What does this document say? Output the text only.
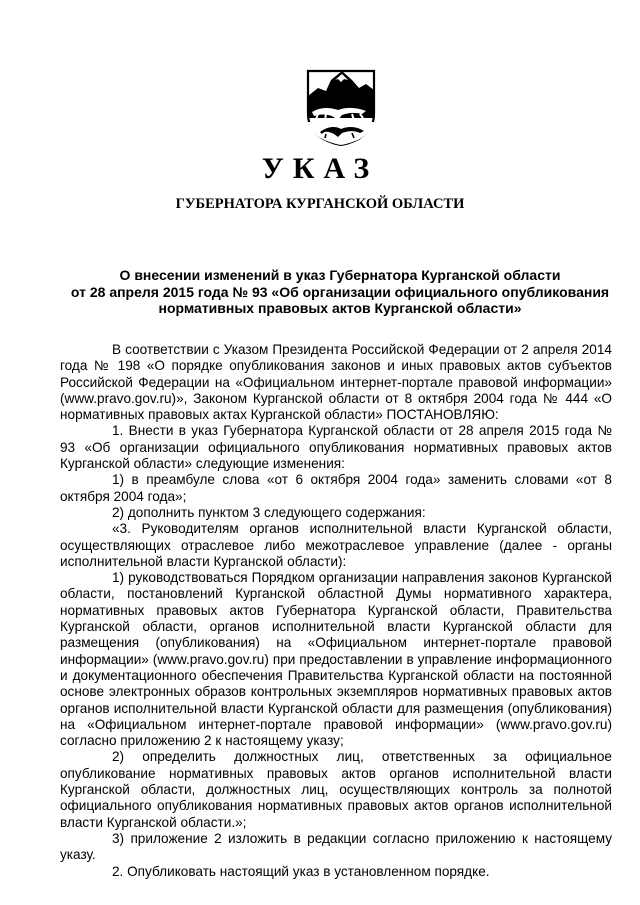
УКАЗ
ГУБЕРНАТОРА КУРГАНСКОЙ ОБЛАСТИ
О внесении изменений в указ Губернатора Курганской области
от 28 апреля 2015 года № 93 «Об организации официального опубликования
нормативных правовых актов Курганской области»

В соответствии с Указом Президента Российской Федерации от 2 апреля 2014 года № 198 «О порядке опубликования законов и иных правовых актов субъектов Российской Федерации на «Официальном интернет-портале правовой информации» (www.pravo.gov.ru)», Законом Курганской области от 8 октября 2004 года № 444 «О нормативных правовых актах Курганской области» ПОСТАНОВЛЯЮ:

1. Внести в указ Губернатора Курганской области от 28 апреля 2015 года № 93 «Об организации официального опубликования нормативных правовых актов Курганской области» следующие изменения:

1) в преамбуле слова «от 6 октября 2004 года» заменить словами «от 8 октября 2004 года»;

2) дополнить пунктом 3 следующего содержания:

«3. Руководителям органов исполнительной власти Курганской области, осуществляющих отраслевое либо межотраслевое управление (далее - органы исполнительной власти Курганской области):

1) руководствоваться Порядком организации направления законов Курганской области, постановлений Курганской областной Думы нормативного характера, нормативных правовых актов Губернатора Курганской области, Правительства Курганской области, органов исполнительной власти Курганской области для размещения (опубликования) на «Официальном интернет-портале правовой информации» (www.pravo.gov.ru) при предоставлении в управление информационного и документационного обеспечения Правительства Курганской области на постоянной основе электронных образов контрольных экземпляров нормативных правовых актов органов исполнительной власти Курганской области для размещения (опубликования) на «Официальном интернет-портале правовой информации» (www.pravo.gov.ru) согласно приложению 2 к настоящему указу;

2) определить должностных лиц, ответственных за официальное опубликование нормативных правовых актов органов исполнительной власти Курганской области, должностных лиц, осуществляющих контроль за полнотой официального опубликования нормативных правовых актов органов исполнительной власти Курганской области.»;

3) приложение 2 изложить в редакции согласно приложению к настоящему указу.

2. Опубликовать настоящий указ в установленном порядке.
